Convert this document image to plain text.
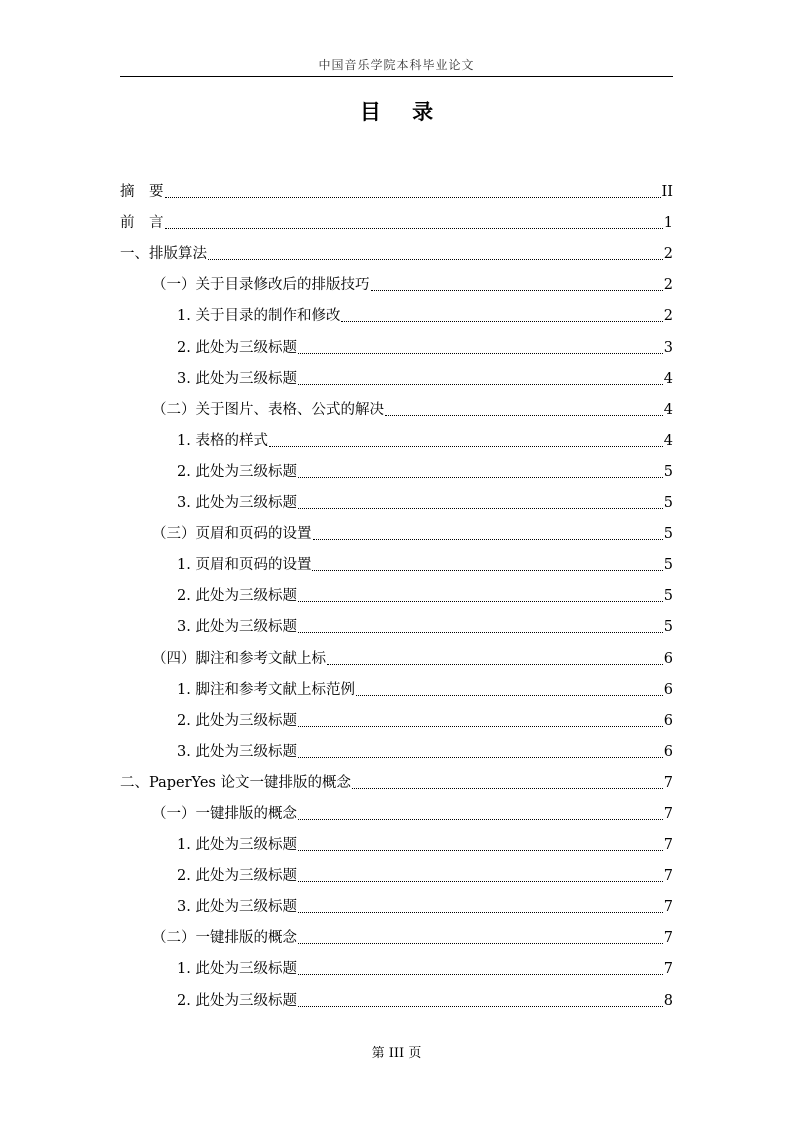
中国音乐学院本科毕业论文
目 录
摘　要	II
前　言	1
一、排版算法	2
（一）关于目录修改后的排版技巧	2
1. 关于目录的制作和修改	2
2. 此处为三级标题	3
3. 此处为三级标题	4
（二）关于图片、表格、公式的解决	4
1. 表格的样式	4
2. 此处为三级标题	5
3. 此处为三级标题	5
（三）页眉和页码的设置	5
1. 页眉和页码的设置	5
2. 此处为三级标题	5
3. 此处为三级标题	5
（四）脚注和参考文献上标	6
1. 脚注和参考文献上标范例	6
2. 此处为三级标题	6
3. 此处为三级标题	6
二、PaperYes 论文一键排版的概念	7
（一）一键排版的概念	7
1. 此处为三级标题	7
2. 此处为三级标题	7
3. 此处为三级标题	7
（二）一键排版的概念	7
1. 此处为三级标题	7
2. 此处为三级标题	8
第 III 页
